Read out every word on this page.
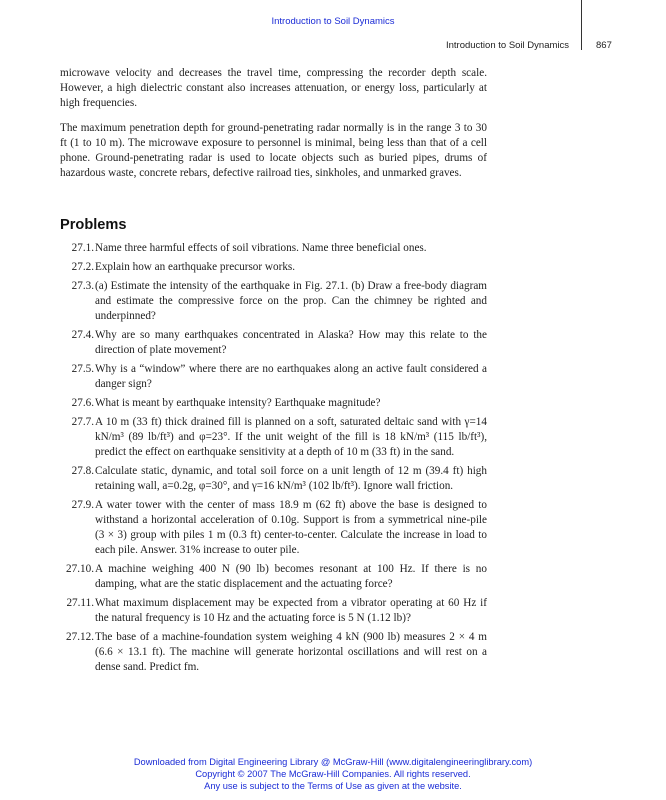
Introduction to Soil Dynamics
Introduction to Soil Dynamics	867

microwave velocity and decreases the travel time, compressing the recorder depth scale. However, a high dielectric constant also increases attenuation, or energy loss, particularly at high frequencies.

The maximum penetration depth for ground-penetrating radar normally is in the range 3 to 30 ft (1 to 10 m). The microwave exposure to personnel is minimal, being less than that of a cell phone. Ground-penetrating radar is used to locate objects such as buried pipes, drums of hazardous waste, concrete rebars, defective railroad ties, sinkholes, and unmarked graves.

Problems
27.1. Name three harmful effects of soil vibrations. Name three beneficial ones.
27.2. Explain how an earthquake precursor works.
27.3. (a) Estimate the intensity of the earthquake in Fig. 27.1. (b) Draw a free-body diagram and estimate the compressive force on the prop. Can the chimney be righted and underpinned?
27.4. Why are so many earthquakes concentrated in Alaska? How may this relate to the direction of plate movement?
27.5. Why is a “window” where there are no earthquakes along an active fault considered a danger sign?
27.6. What is meant by earthquake intensity? Earthquake magnitude?
27.7. A 10 m (33 ft) thick drained fill is planned on a soft, saturated deltaic sand with γ=14 kN/m³ (89 lb/ft³) and φ=23°. If the unit weight of the fill is 18 kN/m³ (115 lb/ft³), predict the effect on earthquake sensitivity at a depth of 10 m (33 ft) in the sand.
27.8. Calculate static, dynamic, and total soil force on a unit length of 12 m (39.4 ft) high retaining wall, a=0.2g, φ=30°, and γ=16 kN/m³ (102 lb/ft³). Ignore wall friction.
27.9. A water tower with the center of mass 18.9 m (62 ft) above the base is designed to withstand a horizontal acceleration of 0.10g. Support is from a symmetrical nine-pile (3 × 3) group with piles 1 m (0.3 ft) center-to-center. Calculate the increase in load to each pile. Answer. 31% increase to outer pile.
27.10. A machine weighing 400 N (90 lb) becomes resonant at 100 Hz. If there is no damping, what are the static displacement and the actuating force?
27.11. What maximum displacement may be expected from a vibrator operating at 60 Hz if the natural frequency is 10 Hz and the actuating force is 5 N (1.12 lb)?
27.12. The base of a machine-foundation system weighing 4 kN (900 lb) measures 2 × 4 m (6.6 × 13.1 ft). The machine will generate horizontal oscillations and will rest on a dense sand. Predict fm.
Downloaded from Digital Engineering Library @ McGraw-Hill (www.digitalengineeringlibrary.com)
Copyright © 2007 The McGraw-Hill Companies. All rights reserved.
Any use is subject to the Terms of Use as given at the website.
